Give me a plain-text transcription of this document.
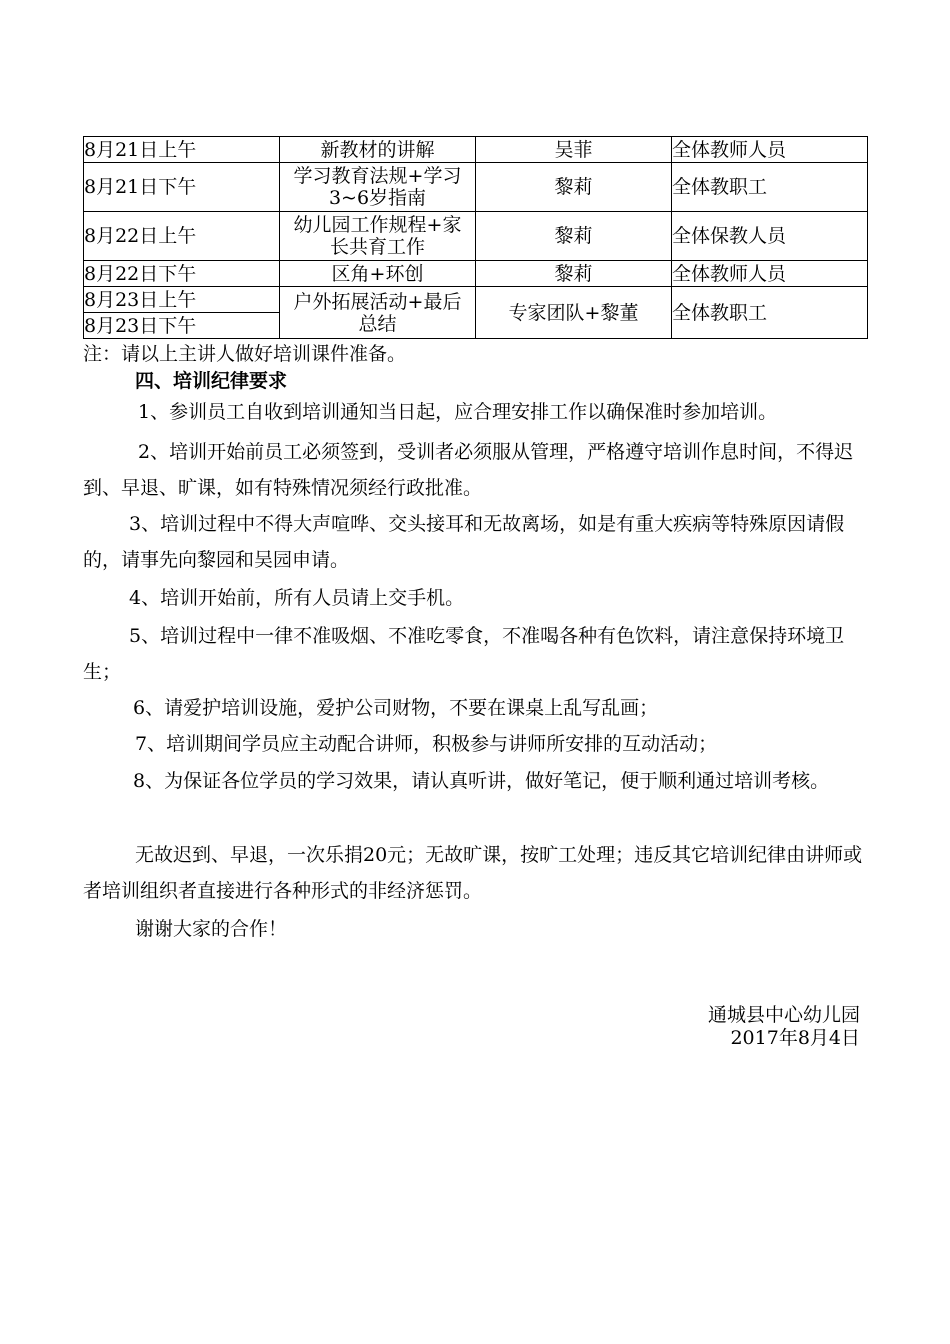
8月21日上午	新教材的讲解	吴菲	全体教师人员
8月21日下午	学习教育法规+学习3~6岁指南	黎莉	全体教职工
8月22日上午	幼儿园工作规程+家长共育工作	黎莉	全体保教人员
8月22日下午	区角+环创	黎莉	全体教师人员
8月23日上午	户外拓展活动+最后总结	专家团队+黎董	全体教职工
8月23日下午			
注：请以上主讲人做好培训课件准备。
四、培训纪律要求

1、参训员工自收到培训通知当日起，应合理安排工作以确保准时参加培训。

2、培训开始前员工必须签到，受训者必须服从管理，严格遵守培训作息时间，不得迟到、早退、旷课，如有特殊情况须经行政批准。

3、培训过程中不得大声喧哗、交头接耳和无故离场，如是有重大疾病等特殊原因请假的，请事先向黎园和吴园申请。

4、培训开始前，所有人员请上交手机。

5、培训过程中一律不准吸烟、不准吃零食，不准喝各种有色饮料，请注意保持环境卫生；

6、请爱护培训设施，爱护公司财物，不要在课桌上乱写乱画；

7、培训期间学员应主动配合讲师，积极参与讲师所安排的互动活动；

8、为保证各位学员的学习效果，请认真听讲，做好笔记，便于顺利通过培训考核。

无故迟到、早退，一次乐捐20元；无故旷课，按旷工处理；违反其它培训纪律由讲师或者培训组织者直接进行各种形式的非经济惩罚。

谢谢大家的合作！

通城县中心幼儿园
2017年8月4日
